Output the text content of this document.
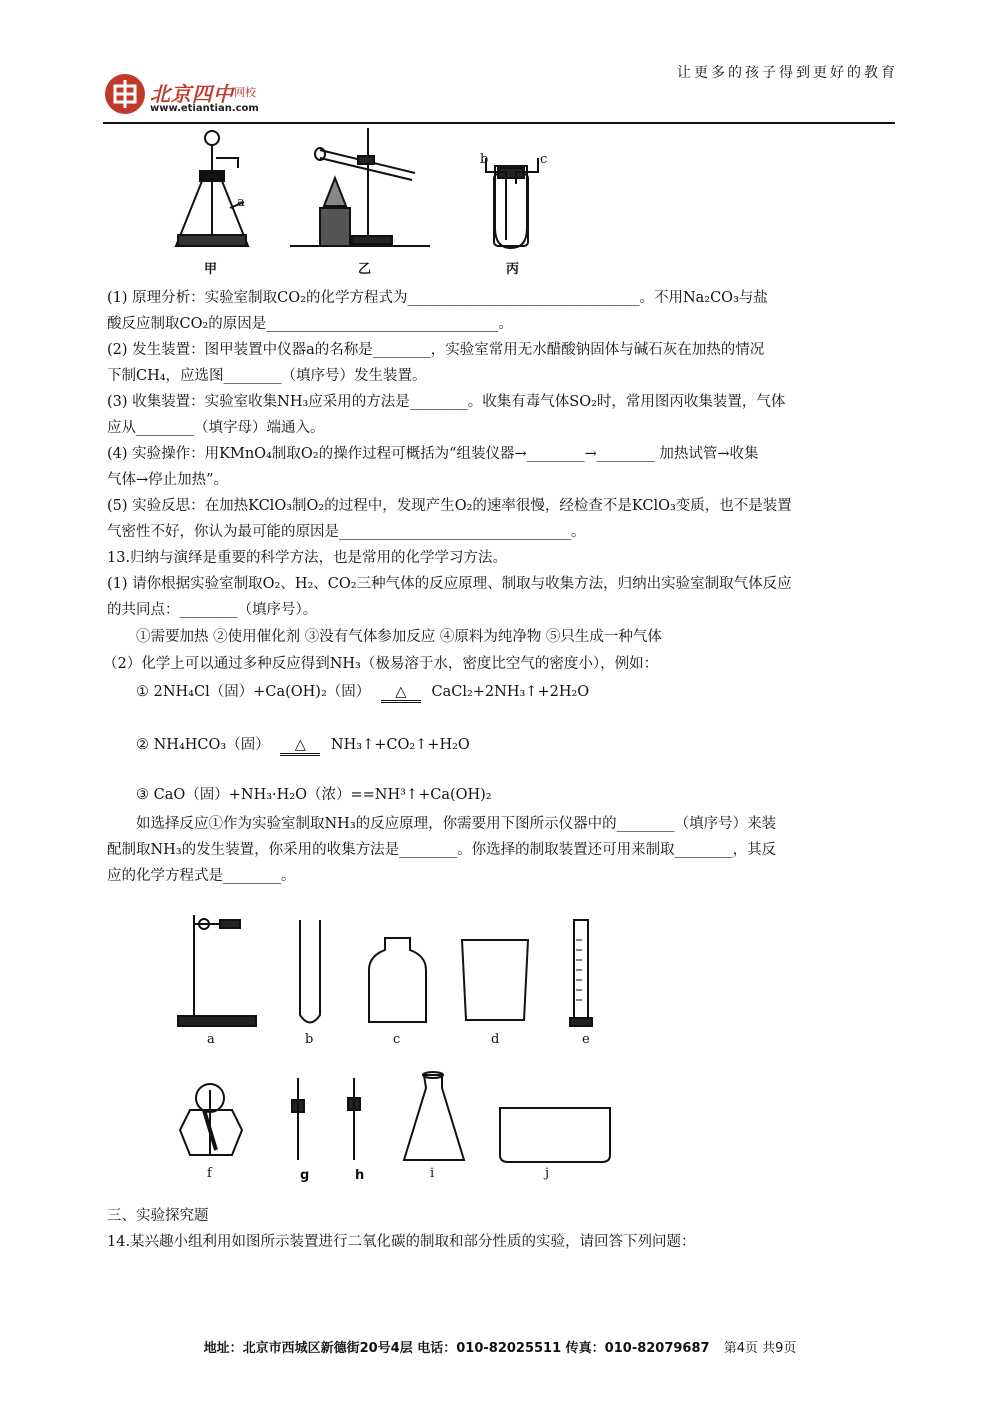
让更多的孩子得到更好的教育
北京四中 网校
www.etiantian.com
甲	乙	丙
a
b	c
(1) 原理分析：实验室制取CO₂的化学方程式为________________________________。不用Na₂CO₃与盐
酸反应制取CO₂的原因是________________________________。
(2) 发生装置：图甲装置中仪器a的名称是________，实验室常用无水醋酸钠固体与碱石灰在加热的情况
下制CH₄，应选图________（填序号）发生装置。
(3) 收集装置：实验室收集NH₃应采用的方法是________。收集有毒气体SO₂时，常用图丙收集装置，气体
应从________（填字母）端通入。
(4) 实验操作：用KMnO₄制取O₂的操作过程可概括为“组装仪器→________→________ 加热试管→收集
气体→停止加热”。
(5) 实验反思：在加热KClO₃制O₂的过程中，发现产生O₂的速率很慢，经检查不是KClO₃变质，也不是装置
气密性不好，你认为最可能的原因是________________________________。
13.归纳与演绎是重要的科学方法，也是常用的化学学习方法。
(1) 请你根据实验室制取O₂、H₂、CO₂三种气体的反应原理、制取与收集方法，归纳出实验室制取气体反应
的共同点：________（填序号）。
①需要加热 ②使用催化剂 ③没有气体参加反应 ④原料为纯净物 ⑤只生成一种气体
（2）化学上可以通过多种反应得到NH₃（极易溶于水，密度比空气的密度小），例如：
① 2NH₄Cl（固）+Ca(OH)₂（固） △ CaCl₂+2NH₃↑+2H₂O
② NH₄HCO₃（固） △ NH₃↑+CO₂↑+H₂O
③ CaO（固）+NH₃·H₂O（浓）==NH³↑+Ca(OH)₂
如选择反应①作为实验室制取NH₃的反应原理，你需要用下图所示仪器中的________（填序号）来装
配制取NH₃的发生装置，你采用的收集方法是________。你选择的制取装置还可用来制取________，其反
应的化学方程式是________。
a	b	c	d	e
f	g	h	i	j
三、实验探究题
14.某兴趣小组利用如图所示装置进行二氧化碳的制取和部分性质的实验，请回答下列问题：
地址：北京市西城区新德街20号4层 电话：010-82025511 传真：010-82079687 第4页 共9页
